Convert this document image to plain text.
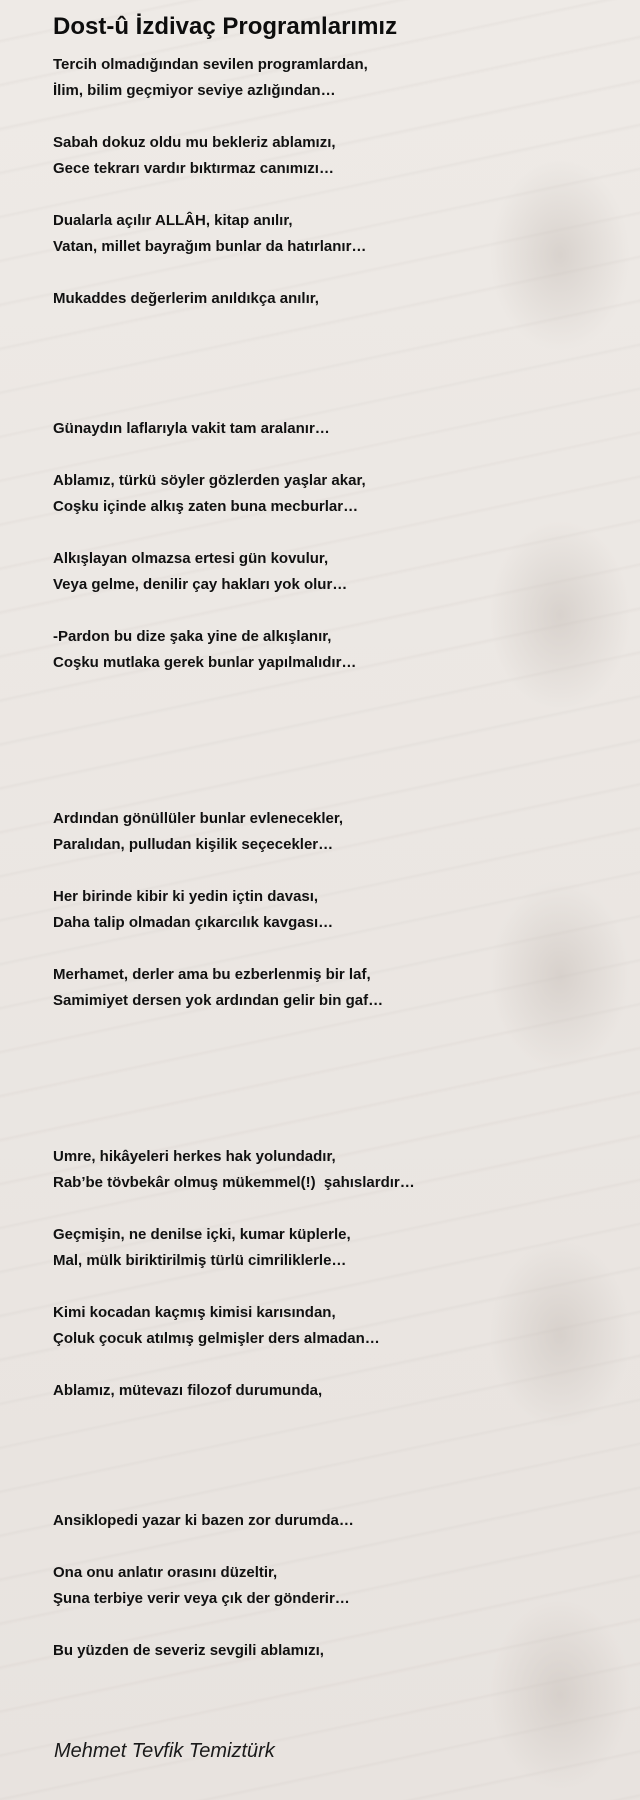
Dost-û İzdivaç Programlarımız
Tercih olmadığından sevilen programlardan,
İlim, bilim geçmiyor seviye azlığından…
Sabah dokuz oldu mu bekleriz ablamızı,
Gece tekrarı vardır bıktırmaz canımızı…
Dualarla açılır ALLÂH, kitap anılır,
Vatan, millet bayrağım bunlar da hatırlanır…
Mukaddes değerlerim anıldıkça anılır,
Günaydın laflarıyla vakit tam aralanır…
Ablamız, türkü söyler gözlerden yaşlar akar,
Coşku içinde alkış zaten buna mecburlar…
Alkışlayan olmazsa ertesi gün kovulur,
Veya gelme, denilir çay hakları yok olur…
-Pardon bu dize şaka yine de alkışlanır,
Coşku mutlaka gerek bunlar yapılmalıdır…
Ardından gönüllüler bunlar evlenecekler,
Paralıdan, pulludan kişilik seçecekler…
Her birinde kibir ki yedin içtin davası,
Daha talip olmadan çıkarcılık kavgası…
Merhamet, derler ama bu ezberlenmiş bir laf,
Samimiyet dersen yok ardından gelir bin gaf…
Umre, hikâyeleri herkes hak yolundadır,
Rab’be tövbekâr olmuş mükemmel(!)  şahıslardır…
Geçmişin, ne denilse içki, kumar küplerle,
Mal, mülk biriktirilmiş türlü cimriliklerle…
Kimi kocadan kaçmış kimisi karısından,
Çoluk çocuk atılmış gelmişler ders almadan…
Ablamız, mütevazı filozof durumunda,
Ansiklopedi yazar ki bazen zor durumda…
Ona onu anlatır orasını düzeltir,
Şuna terbiye verir veya çık der gönderir…
Bu yüzden de severiz sevgili ablamızı,
Mehmet Tevfik Temiztürk
